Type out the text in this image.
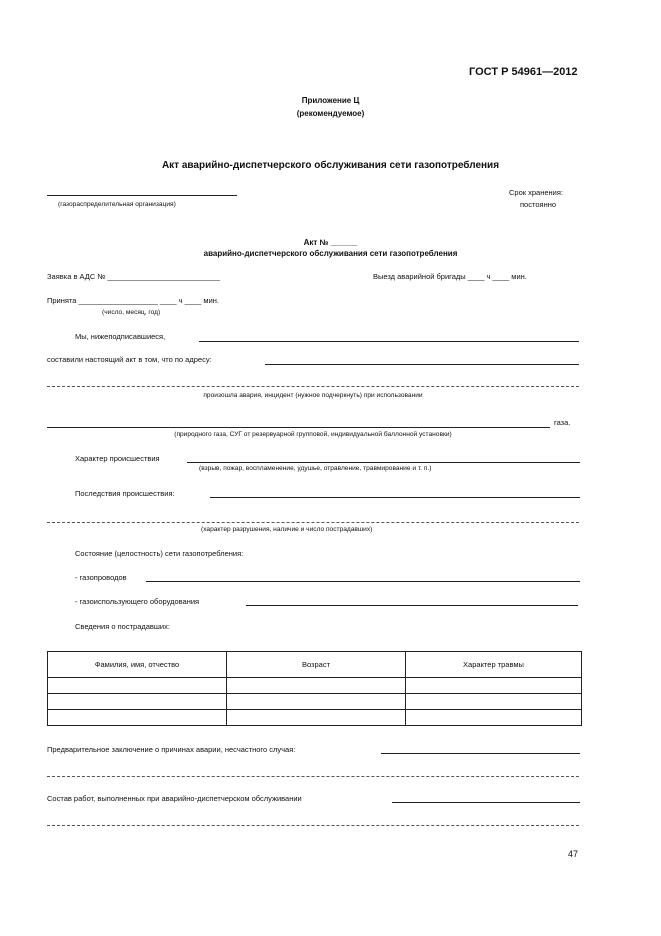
ГОСТ Р 54961—2012
Приложение Ц
(рекомендуемое)
Акт аварийно-диспетчерского обслуживания сети газопотребления
(газораспределительная организация)
Срок хранения:
постоянно
Акт № ______
аварийно-диспетчерского обслуживания сети газопотребления
Заявка в АДС № ___________________________	Выезд аварийной бригады ____ ч ____ мин.
Принята ___________________ ____ ч ____ мин.
(число, месяц, год)
Мы, нижеподписавшиеся,
составили настоящий акт в том, что по адресу:
произошла авария, инцидент (нужное подчеркнуть) при использовании
газа.
(природного газа, СУГ от резервуарной групповой, индивидуальной баллонной установки)
Характер происшествия
(взрыв, пожар, воспламенение, удушье, отравление, травмирование и т. п.)
Последствия происшествия:
(характер разрушения, наличие и число пострадавших)
Состояние (целостность) сети газопотребления:
- газопроводов
- газоиспользующего оборудования
Сведения о пострадавших:
Фамилия, имя, отчество	Возраст	Характер травмы

Предварительное заключение о причинах аварии, несчастного случая:
Состав работ, выполненных при аварийно-диспетчерском обслуживании
47
